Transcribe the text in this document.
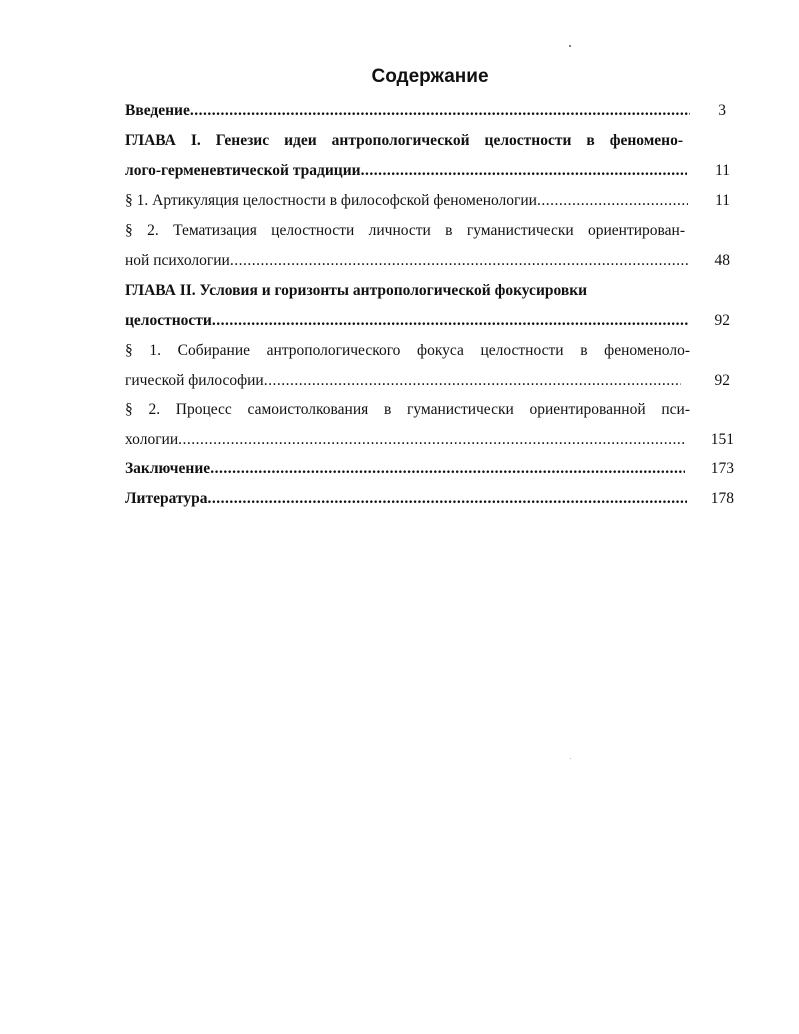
Содержание
Введение .....	3
ГЛАВА I. Генезис идеи антропологической целостности в феномено-
лого-герменевтической традиции .....	11
§ 1. Артикуляция целостности в философской феноменологии .....	11
§ 2. Тематизация целостности личности в гуманистически ориентирован-
ной психологии .....	48
ГЛАВА II. Условия и горизонты антропологической фокусировки
целостности .....	92
§ 1. Собирание антропологического фокуса целостности в феноменоло-
гической философии .....	92
§ 2. Процесс самоистолкования в гуманистически ориентированной пси-
хологии .....	151
Заключение .....	173
Литература .....	178
